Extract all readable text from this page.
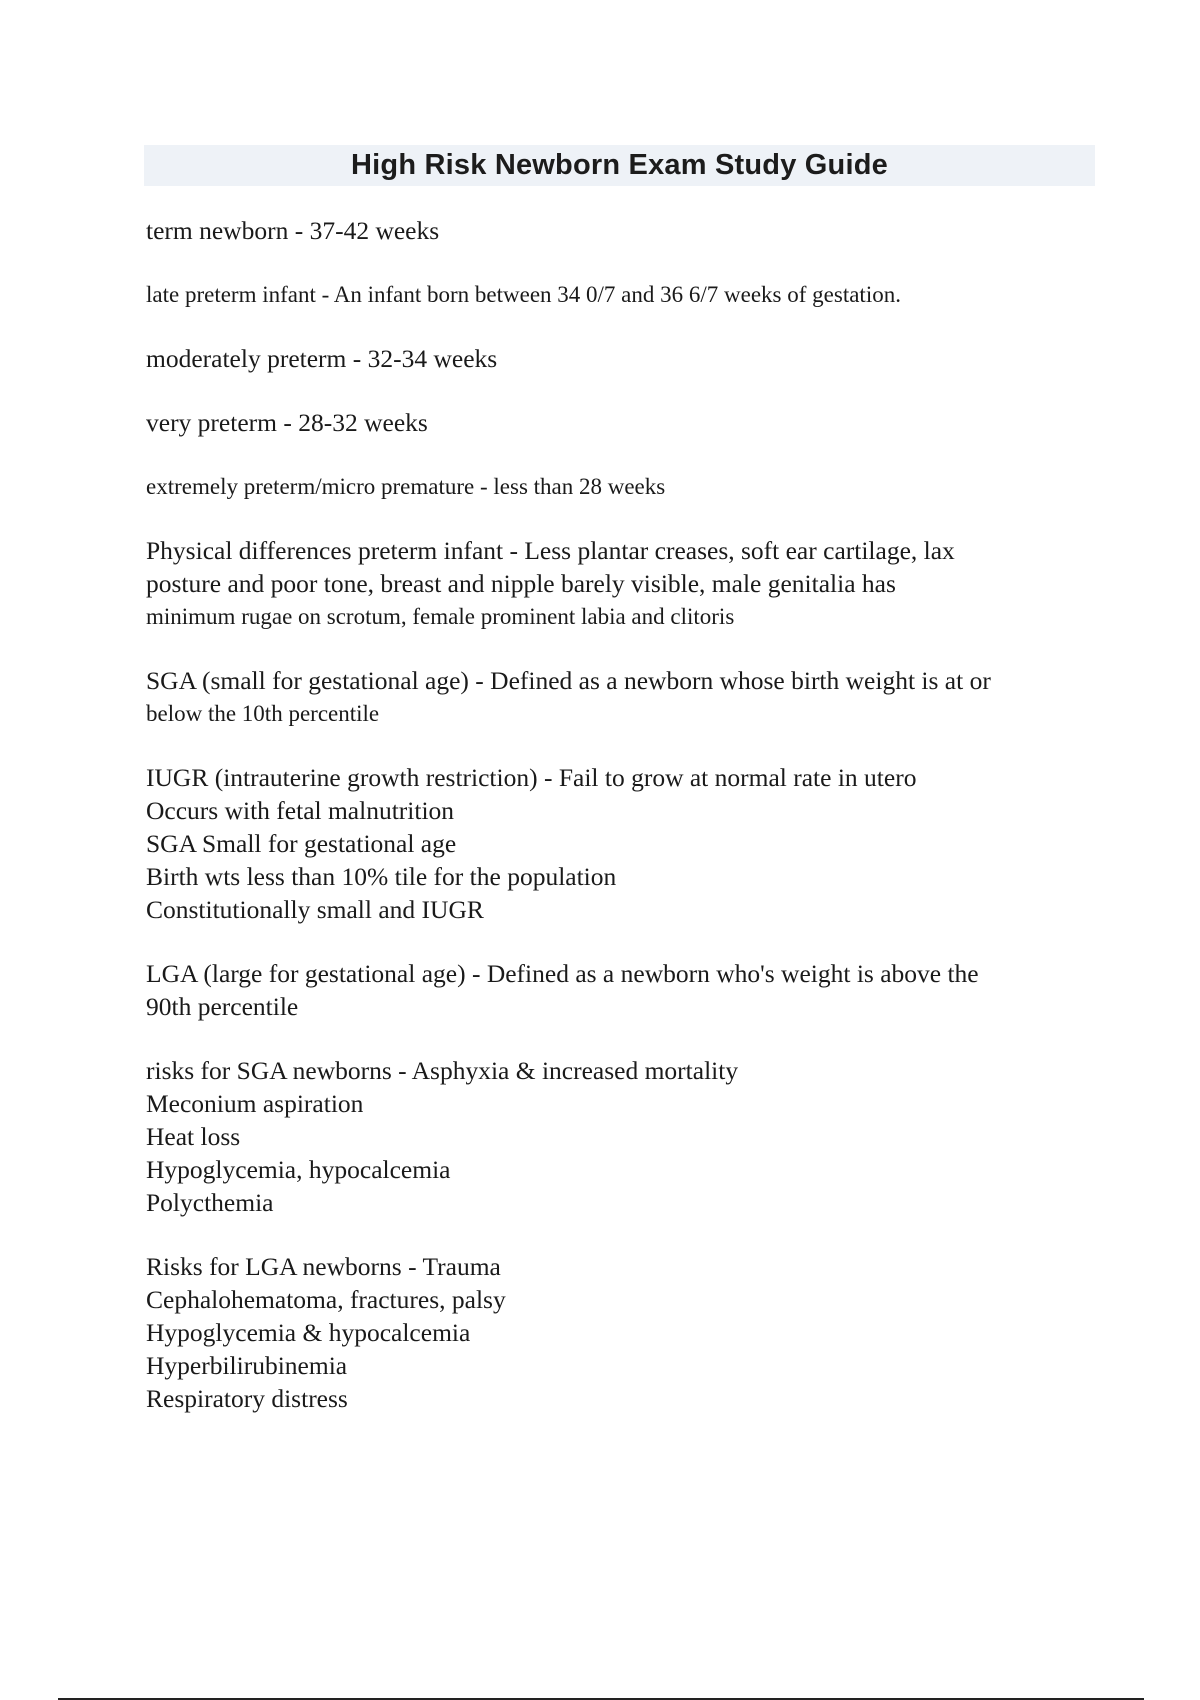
High Risk Newborn Exam Study Guide
term newborn - 37-42 weeks
late preterm infant - An infant born between 34 0/7 and 36 6/7 weeks of gestation.
moderately preterm - 32-34 weeks
very preterm - 28-32 weeks
extremely preterm/micro premature - less than 28 weeks
Physical differences preterm infant - Less plantar creases, soft ear cartilage, lax
posture and poor tone, breast and nipple barely visible, male genitalia has
minimum rugae on scrotum, female prominent labia and clitoris
SGA (small for gestational age) - Defined as a newborn whose birth weight is at or
below the 10th percentile
IUGR (intrauterine growth restriction) - Fail to grow at normal rate in utero
Occurs with fetal malnutrition
SGA Small for gestational age
Birth wts less than 10% tile for the population
Constitutionally small and IUGR
LGA (large for gestational age) - Defined as a newborn who's weight is above the
90th percentile
risks for SGA newborns - Asphyxia & increased mortality
Meconium aspiration
Heat loss
Hypoglycemia, hypocalcemia
Polycthemia
Risks for LGA newborns - Trauma
Cephalohematoma, fractures, palsy
Hypoglycemia & hypocalcemia
Hyperbilirubinemia
Respiratory distress
